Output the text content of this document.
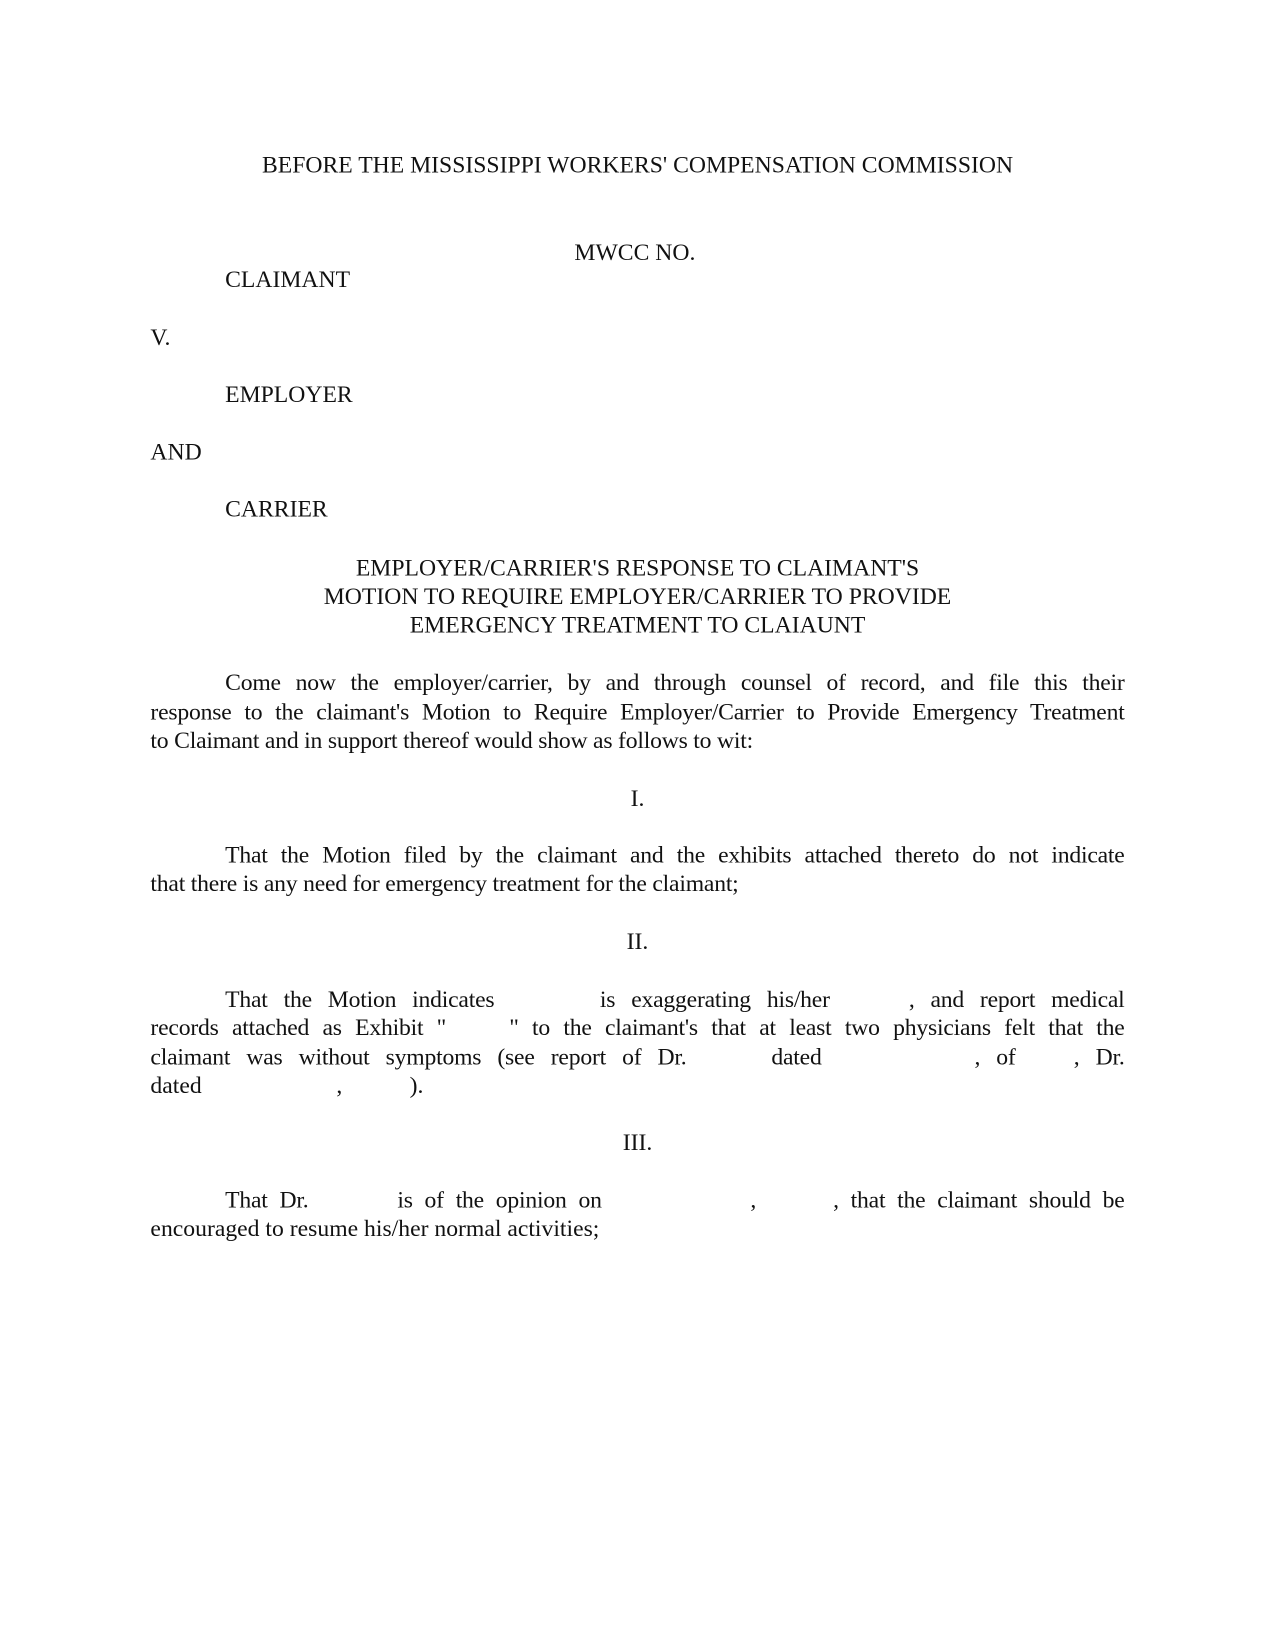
BEFORE THE MISSISSIPPI WORKERS' COMPENSATION COMMISSION
MWCC NO.
CLAIMANT
V.
EMPLOYER
AND
CARRIER
EMPLOYER/CARRIER'S RESPONSE TO CLAIMANT'S
MOTION TO REQUIRE EMPLOYER/CARRIER TO PROVIDE
EMERGENCY TREATMENT TO CLAIAUNT
Come now the employer/carrier, by and through counsel of record, and file this their
response to the claimant's Motion to Require Employer/Carrier to Provide Emergency Treatment
to Claimant and in support thereof would show as follows to wit:
I.
That the Motion filed by the claimant and the exhibits attached thereto do not indicate
that there is any need for emergency treatment for the claimant;
II.
That the Motion indicates	is exaggerating his/her	, and report medical
records attached as Exhibit "	" to the claimant's that at least two physicians felt that the
claimant was without symptoms (see report of Dr.	dated	, of	, Dr.
dated	,	).
III.
That Dr.	is of the opinion on	,	, that the claimant should be
encouraged to resume his/her normal activities;
